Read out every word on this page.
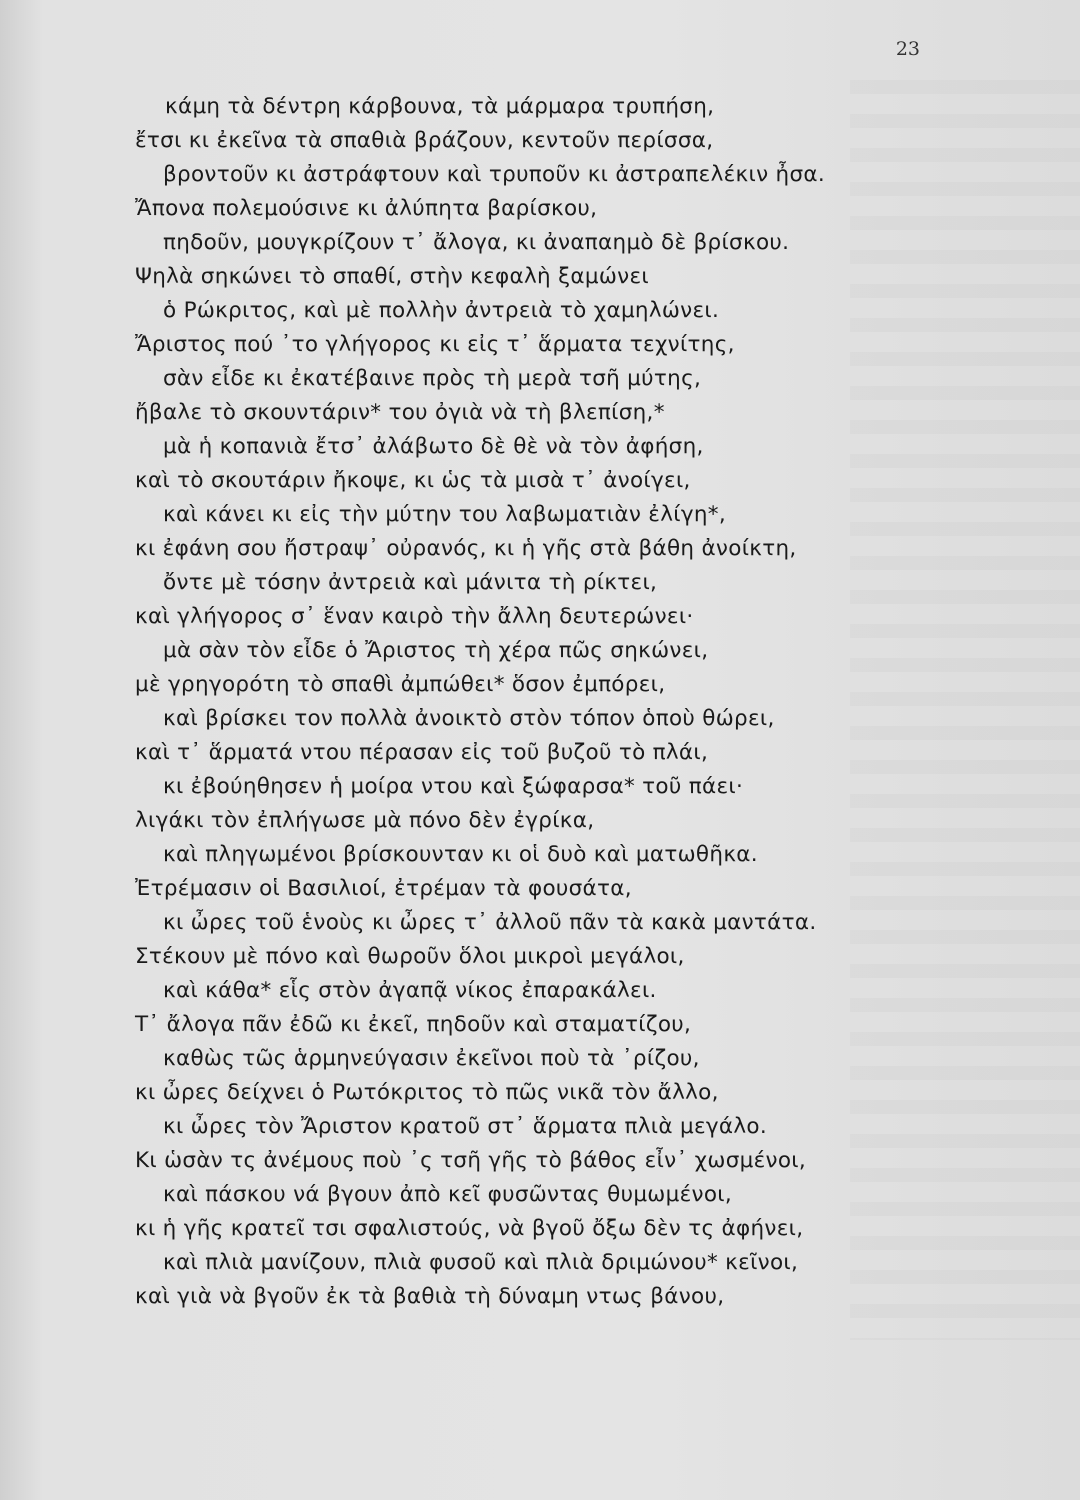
23
κάμη τὰ δέντρη κάρβουνα, τὰ μάρμαρα τρυπήση,
ἔτσι κι ἐκεῖνα τὰ σπαθιὰ βράζουν, κεντοῦν περίσσα,
βροντοῦν κι ἀστράφτουν καὶ τρυποῦν κι ἀστραπελέκιν ἦσα.
Ἄπονα πολεμούσινε κι ἀλύπητα βαρίσκου,
πηδοῦν, μουγκρίζουν τ᾽ ἄλογα, κι ἀναπαημὸ δὲ βρίσκου.
Ψηλὰ σηκώνει τὸ σπαθί, στὴν κεφαλὴ ξαμώνει
ὁ Ρώκριτος, καὶ μὲ πολλὴν ἀντρειὰ τὸ χαμηλώνει.
Ἄριστος πού ᾽το γλήγορος κι εἰς τ᾽ ἅρματα τεχνίτης,
σὰν εἶδε κι ἐκατέβαινε πρὸς τὴ μερὰ τσῆ μύτης,
ἤβαλε τὸ σκουντάριν* του ὀγιὰ νὰ τὴ βλεπίση,*
μὰ ἡ κοπανιὰ ἔτσ᾽ ἀλάβωτο δὲ θὲ νὰ τὸν ἀφήση,
καὶ τὸ σκουτάριν ἤκοψε, κι ὡς τὰ μισὰ τ᾽ ἀνοίγει,
καὶ κάνει κι εἰς τὴν μύτην του λαβωματιὰν ἐλίγη*,
κι ἐφάνη σου ἤστραψ᾽ οὐρανός, κι ἡ γῆς στὰ βάθη ἀνοίκτη,
ὄντε μὲ τόσην ἀντρειὰ καὶ μάνιτα τὴ ρίκτει,
καὶ γλήγορος σ᾽ ἕναν καιρὸ τὴν ἄλλη δευτερώνει·
μὰ σὰν τὸν εἶδε ὁ Ἄριστος τὴ χέρα πῶς σηκώνει,
μὲ γρηγορότη τὸ σπαθὶ ἀμπώθει* ὅσον ἐμπόρει,
καὶ βρίσκει τον πολλὰ ἀνοικτὸ στὸν τόπον ὁποὺ θώρει,
καὶ τ᾽ ἅρματά ντου πέρασαν εἰς τοῦ βυζοῦ τὸ πλάι,
κι ἐβούηθησεν ἡ μοίρα ντου καὶ ξώφαρσα* τοῦ πάει·
λιγάκι τὸν ἐπλήγωσε μὰ πόνο δὲν ἐγρίκα,
καὶ πληγωμένοι βρίσκουνταν κι οἱ δυὸ καὶ ματωθῆκα.
Ἐτρέμασιν οἱ Βασιλιοί, ἐτρέμαν τὰ φουσάτα,
κι ὦρες τοῦ ἑνοὺς κι ὦρες τ᾽ ἀλλοῦ πᾶν τὰ κακὰ μαντάτα.
Στέκουν μὲ πόνο καὶ θωροῦν ὅλοι μικροὶ μεγάλοι,
καὶ κάθα* εἷς στὸν ἀγαπᾷ νίκος ἐπαρακάλει.
Τ᾽ ἄλογα πᾶν ἐδῶ κι ἐκεῖ, πηδοῦν καὶ σταματίζου,
καθὼς τῶς ἁρμηνεύγασιν ἐκεῖνοι ποὺ τὰ ᾽ρίζου,
κι ὦρες δείχνει ὁ Ρωτόκριτος τὸ πῶς νικᾶ τὸν ἄλλο,
κι ὦρες τὸν Ἄριστον κρατοῦ στ᾽ ἅρματα πλιὰ μεγάλο.
Κι ὡσὰν τς ἀνέμους ποὺ ᾽ς τσῆ γῆς τὸ βάθος εἶν᾽ χωσμένοι,
καὶ πάσκου νά βγουν ἀπὸ κεῖ φυσῶντας θυμωμένοι,
κι ἡ γῆς κρατεῖ τσι σφαλιστούς, νὰ βγοῦ ὄξω δὲν τς ἀφήνει,
καὶ πλιὰ μανίζουν, πλιὰ φυσοῦ καὶ πλιὰ δριμώνου* κεῖνοι,
καὶ γιὰ νὰ βγοῦν ἐκ τὰ βαθιὰ τὴ δύναμη ντως βάνου,
